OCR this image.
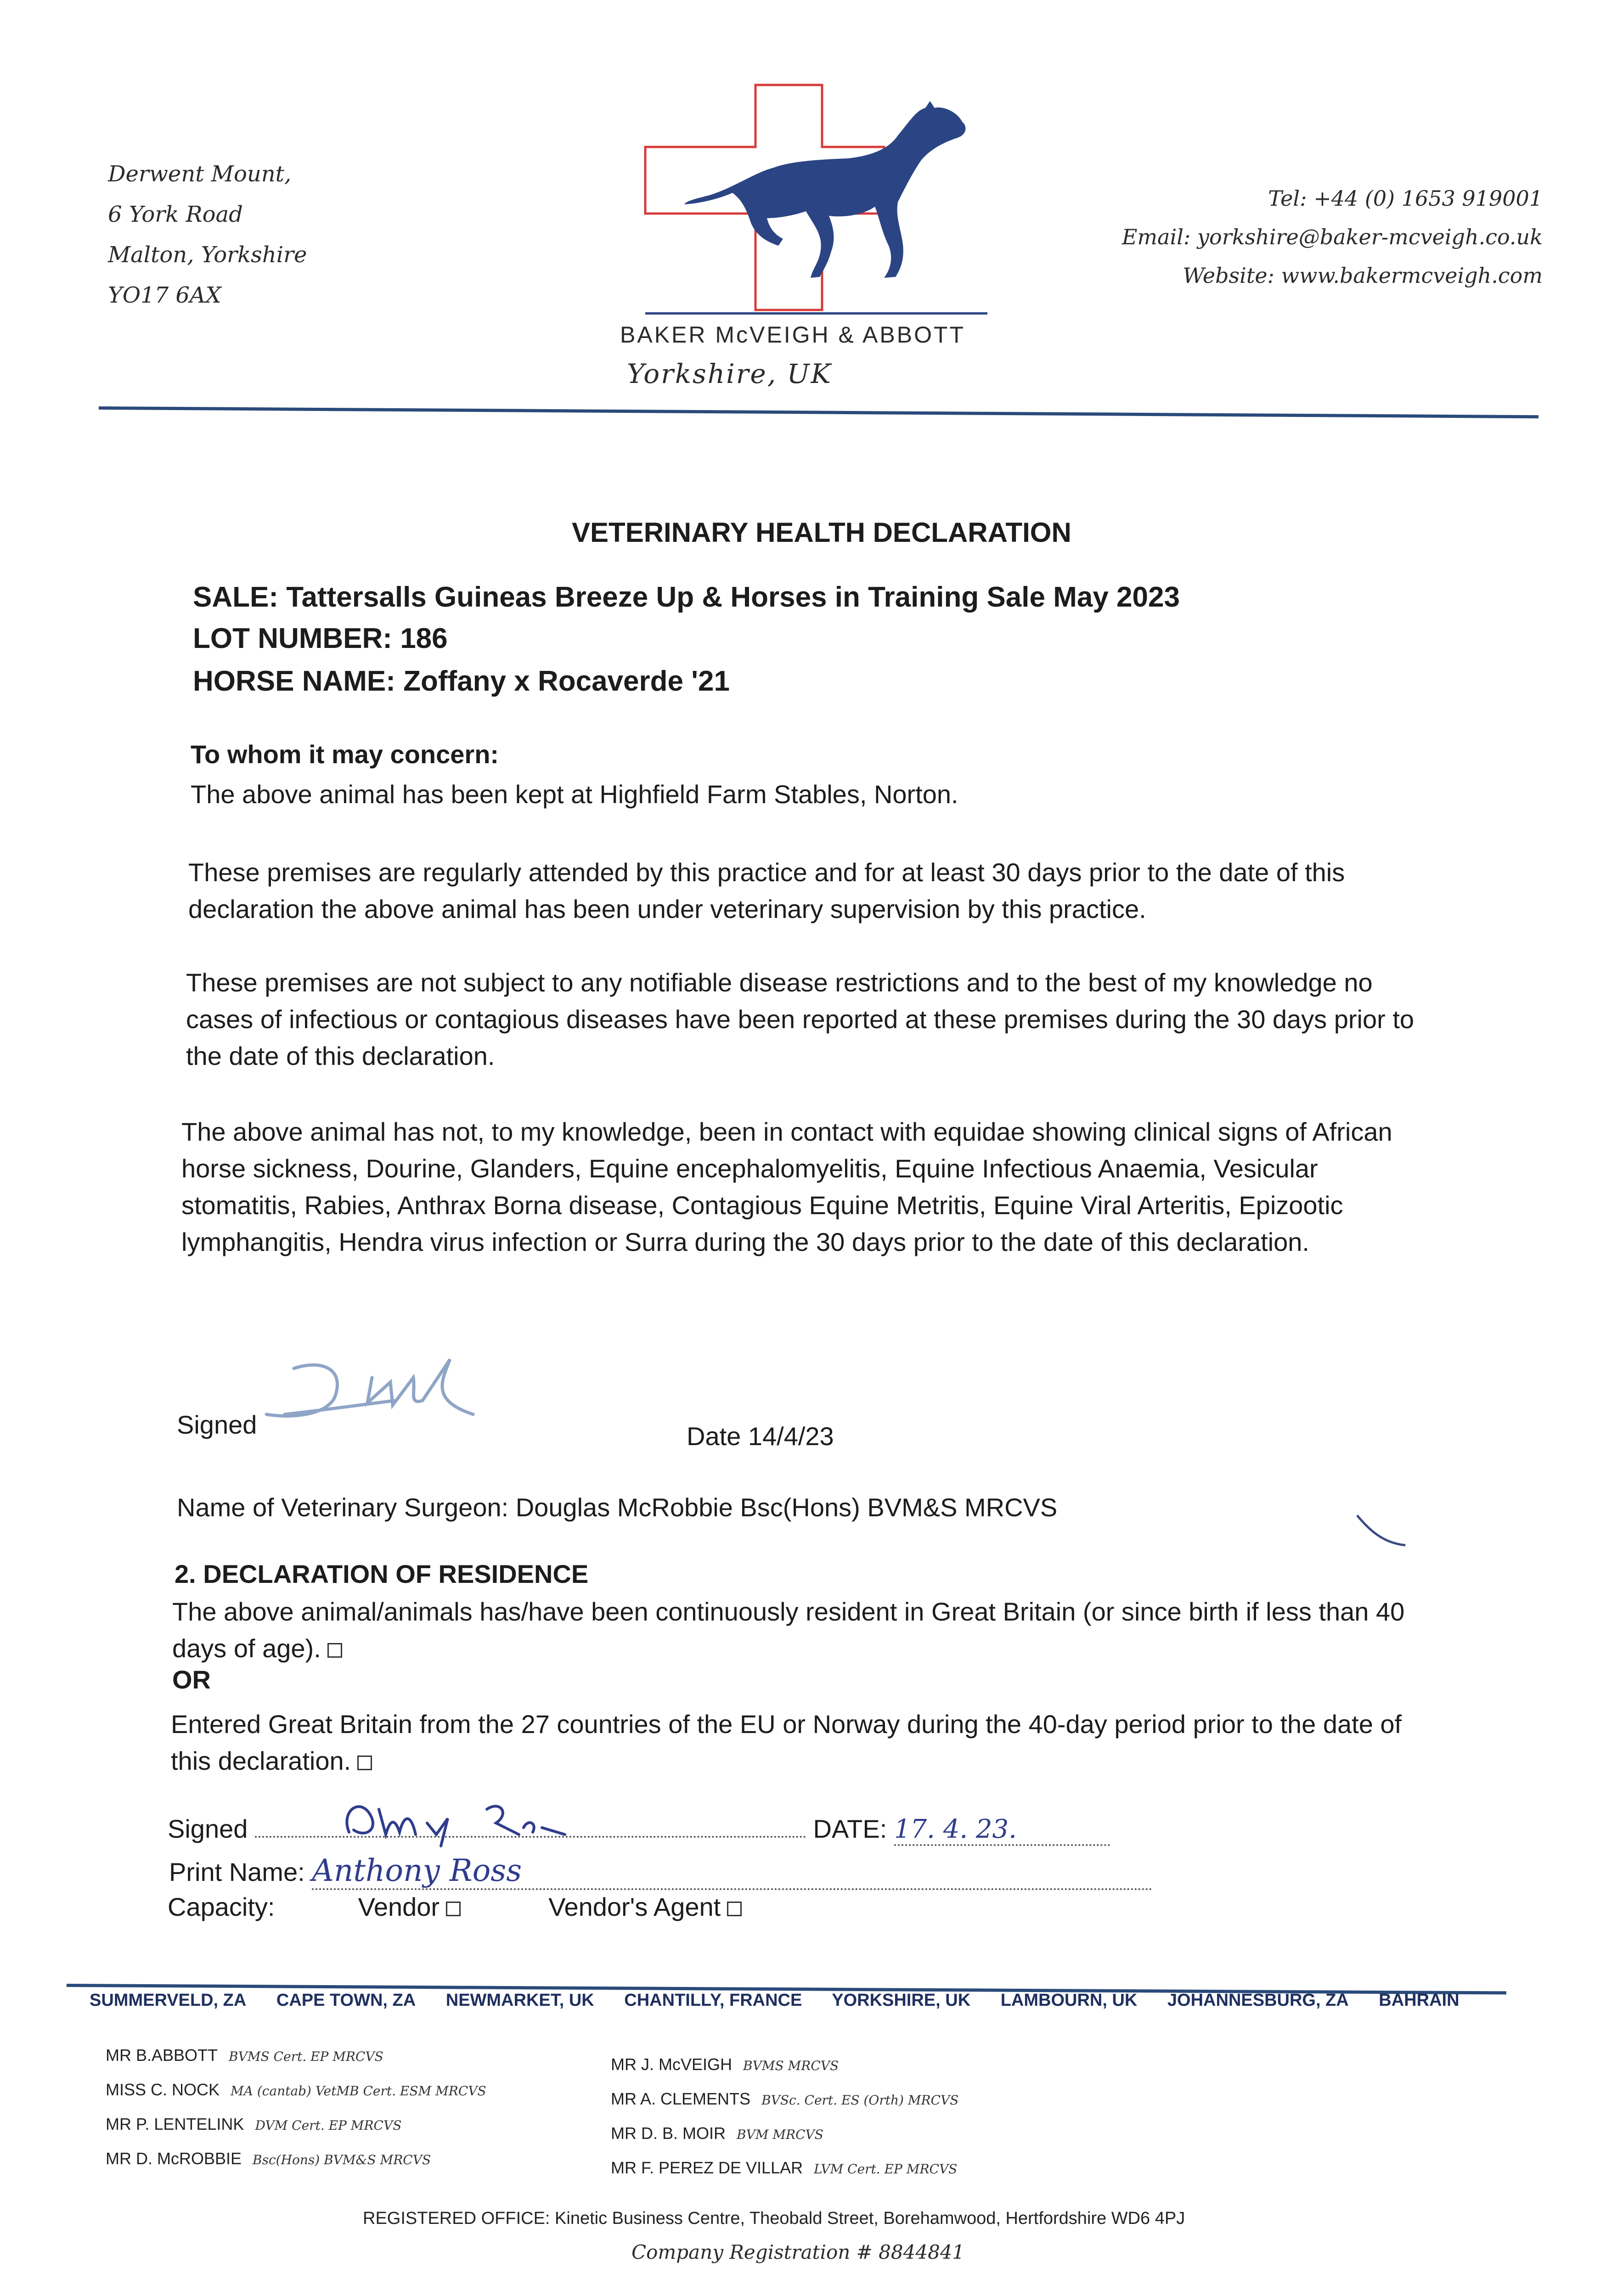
Derwent Mount,
6 York Road
Malton, Yorkshire
YO17 6AX
BAKER McVEIGH & ABBOTT
Yorkshire, UK
Tel: +44 (0) 1653 919001
Email: yorkshire@baker-mcveigh.co.uk
Website: www.bakermcveigh.com
VETERINARY HEALTH DECLARATION
SALE: Tattersalls Guineas Breeze Up & Horses in Training Sale May 2023
LOT NUMBER: 186
HORSE NAME: Zoffany x Rocaverde '21
To whom it may concern:
The above animal has been kept at Highfield Farm Stables, Norton.
These premises are regularly attended by this practice and for at least 30 days prior to the date of this declaration the above animal has been under veterinary supervision by this practice.
These premises are not subject to any notifiable disease restrictions and to the best of my knowledge no cases of infectious or contagious diseases have been reported at these premises during the 30 days prior to the date of this declaration.
The above animal has not, to my knowledge, been in contact with equidae showing clinical signs of African horse sickness, Dourine, Glanders, Equine encephalomyelitis, Equine Infectious Anaemia, Vesicular stomatitis, Rabies, Anthrax Borna disease, Contagious Equine Metritis, Equine Viral Arteritis, Epizootic lymphangitis, Hendra virus infection or Surra during the 30 days prior to the date of this declaration.
Signed	Date 14/4/23
Name of Veterinary Surgeon: Douglas McRobbie Bsc(Hons) BVM&S MRCVS
2. DECLARATION OF RESIDENCE
The above animal/animals has/have been continuously resident in Great Britain (or since birth if less than 40 days of age).
OR
Entered Great Britain from the 27 countries of the EU or Norway during the 40-day period prior to the date of this declaration.
Signed	DATE: 17. 4. 23.
Print Name: Anthony Ross
Capacity:	Vendor	Vendor's Agent
SUMMERVELD, ZA CAPE TOWN, ZA NEWMARKET, UK CHANTILLY, FRANCE YORKSHIRE, UK LAMBOURN, UK JOHANNESBURG, ZA BAHRAIN
MR B.ABBOTT BVMS Cert. EP MRCVS
MISS C. NOCK MA (cantab) VetMB Cert. ESM MRCVS
MR P. LENTELINK DVM Cert. EP MRCVS
MR D. McROBBIE Bsc(Hons) BVM&S MRCVS
MR J. McVEIGH BVMS MRCVS
MR A. CLEMENTS BVSc. Cert. ES (Orth) MRCVS
MR D. B. MOIR BVM MRCVS
MR F. PEREZ DE VILLAR LVM Cert. EP MRCVS
REGISTERED OFFICE: Kinetic Business Centre, Theobald Street, Borehamwood, Hertfordshire WD6 4PJ
Company Registration # 8844841
